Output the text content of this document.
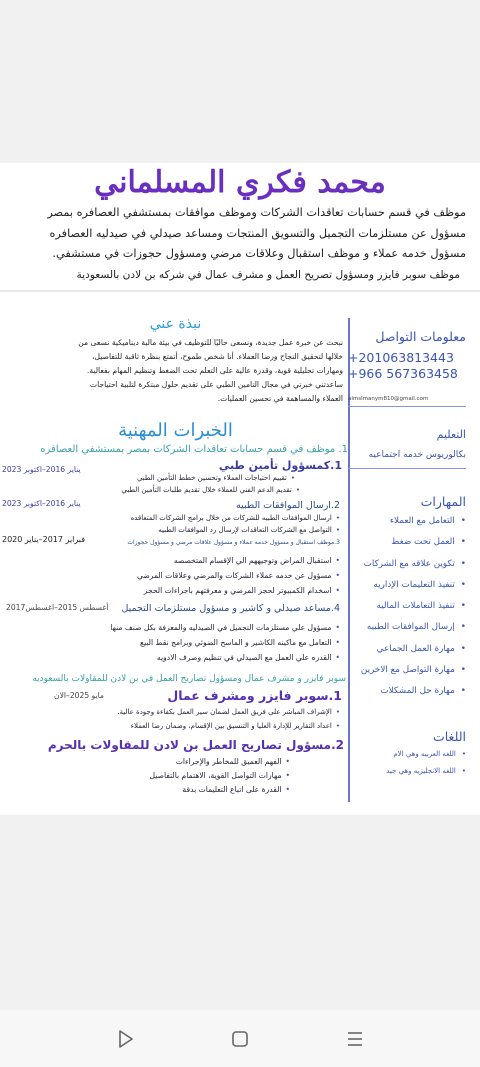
محمد فكري المسلماني
موظف في قسم حسابات تعاقدات الشركات وموظف موافقات بمستشفي العصافره بمصر
مسؤول عن مستلزمات التجميل والتسويق المنتجات ومساعد صيدلي في صيدليه العصافره
مسؤول خدمه عملاء و موظف استقبال وعلاقات مرضي ومسؤول حجوزات في مستشفي.
موظف سوبر فايزر ومسؤول تصريح العمل و مشرف عمال في شركه بن لادن بالسعودية
معلومات التواصل
+201063813443
+966 567363458
almslmanym810@gmail.com
التعليم
بكالوريوس خدمه اجتماعيه
المهارات
• التعامل مع العملاء
• العمل تحت ضغط
• تكوين علاقه مع الشركات
• تنفيذ التعليمات الإداريه
• تنفيذ التعاملات الماليه
• إرسال الموافقات الطبيه
• مهارة العمل الجماعي
• مهارة التواصل مع الاخرين
• مهارة حل المشكلات
اللغات
• اللغه العربيه وهي الام
• اللغه الانجليزيه وهي جيد
نبذة عني
نبحث عن خبرة عمل جديدة، ونسعى حاليًا للتوظيف في بيئة مالية ديناميكية نسعى من
خلالها لتحقيق النجاح ورضا العملاء. أنا شخص طموح، أتمتع بنظرة ثاقبة للتفاصيل،
ومهارات تحليلية قوية، وقدرة عالية على التعلم تحت الضغط وتنظيم المهام بفعالية.
ساعدتني خبرتي في مجال التامين الطبي على تقديم حلول مبتكرة لتلبية احتياجات
العملاء والمساهمة في تحسين العمليات.
الخبرات المهنية
1. موظف في قسم حسابات تعاقدات الشركات بمصر بمستشفي العصافره
1.كمسؤول تأمين طبي
يناير 2016–اكتوبر 2023
• تقييم احتياجات العملاء وتحسين خطط التأمين الطبي
• تقديم الدعم الفني للعملاء خلال تقديم طلبات التأمين الطبي
2.ارسال الموافقات الطبيه
يناير 2016–اكتوبر 2023
• ارسال الموافقات الطبيه للشركات من خلال برامج الشركات المتعاقده
• التواصل مع الشركات التعاقدات لإرسال رد الموافقات الطبيه
3.موظف استقبال و مسؤول خدمه عملاء و مسؤول علاقات مرضي و مسؤول حجوزات
فبراير 2017–يناير 2020
• استقبال المراض وتوجيههم الي الإقسام المتخصصه
• مسؤول عن خدمه عملاء الشركات والمرضي وعلاقات المرضي
• اسخدام الكمبيوتر لحجز المرضي و معرفتهم باجراءات الحجز
4.مساعد صيدلي و كاشير و مسؤول مستلزمات التجميل
أغسطس 2015–اغسطس2017
• مسؤول علي مستلزمات التجميل في الصيدليه والمعرفة بكل صنف منها
• التعامل مع ماكينه الكاشير و الماسح الضوئي وبرامج نقط البيع
• القدره علي العمل مع الصيدلي في تنظيم وصرف الادويه
سوبر فايزر و مشرف عمال ومسؤول تصاريح العمل في بن لادن للمقاولات بالسعوديه
1.سوبر فايزر ومشرف عمال
مايو 2025–الان
• الإشراف المباشر على فريق العمل لضمان سير العمل بكفاءة وجودة عالية.
• اعداد التقارير للإدارة العليا و التنسيق بين الإقسام، وضمان رضا العملاء
2.مسؤول تصاريح العمل بن لادن للمقاولات بالحرم
• الفهم العميق للمخاطر والإجراءات
• مهارات التواصل القوية، الاهتمام بالتفاصيل
• القدرة على اتباع التعليمات بدقة
